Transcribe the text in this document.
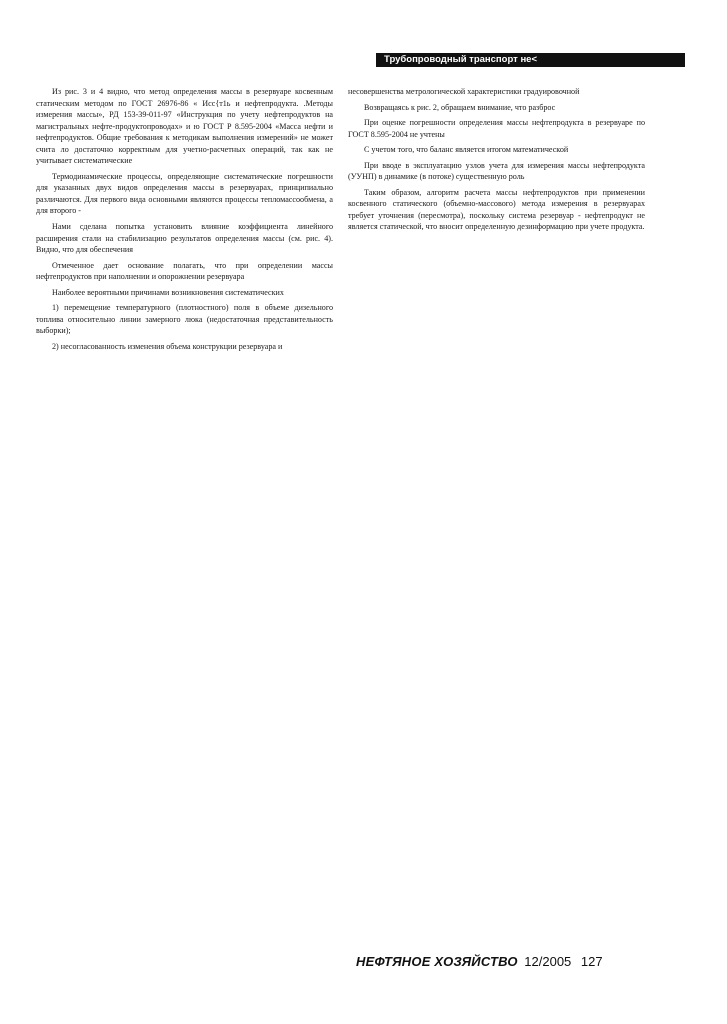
Трубопроводный транспорт не<

Из рис. 3 и 4 видно, что метод определения массы в резервуаре косвенным статическим методом по ГОСТ 26976-86 « Исс{т1ь и нефтепродукта. .Методы измерения массы», РД 153-39-011-97 «Инструкция по учету нефтепродуктов на магистральных нефте-продуктопроводах» и ю ГОСТ Р 8.595-2004 «Масса нефти и нефтепродуктов. Общие требования к методикам выполнения измерений» не может счита ло достаточно корректным для учетно-расчетных операций, так как не учитывает систематические

Термодинамические процессы, определяющие систематические погрешности для указанных двух видов определения массы в резервуарах, принципиально различаются. Для первого вида основными являются процессы тепломассообмена, а для второго -

Нами сделана попытка установить влияние коэффициента линейного расширения стали на стабилизацию результатов определения массы (см. рис. 4). Видно, что для обеспечения

Отмеченное дает основание полагать, что при определении массы нефтепродуктов при наполнении и опорожнении резервуара

Наиболее вероятными причинами возникновения систематических

1) перемещение температурного (плотностного) поля в объеме дизельного топлива относительно линии замерного люка (недостаточная представительность выборки);

2) несогласованность изменения объема конструкции резервуара и

несовершенства метрологической характеристики градуировочной

Возвращаясь к рис. 2, обращаем внимание, что разброс

При оценке погрешности определения массы нефтепродукта в резервуаре по ГОСТ 8.595-2004 не учтены

С учетом того, что баланс является итогом математической

При вводе в эксплуатацию узлов учета для измерения массы нефтепродукта (УУНП) в динамике (в потоке) существенную роль

Таким образом, алгоритм расчета массы нефтепродуктов при применении косвенного статического (объемно-массового) метода измерения в резервуарах требует уточнения (пересмотра), поскольку система резервуар - нефтепродукт не является статической, что вносит определенную дезинформацию при учете продукта.

НЕФТЯНОЕ ХОЗЯЙСТВО 12/2005 127
